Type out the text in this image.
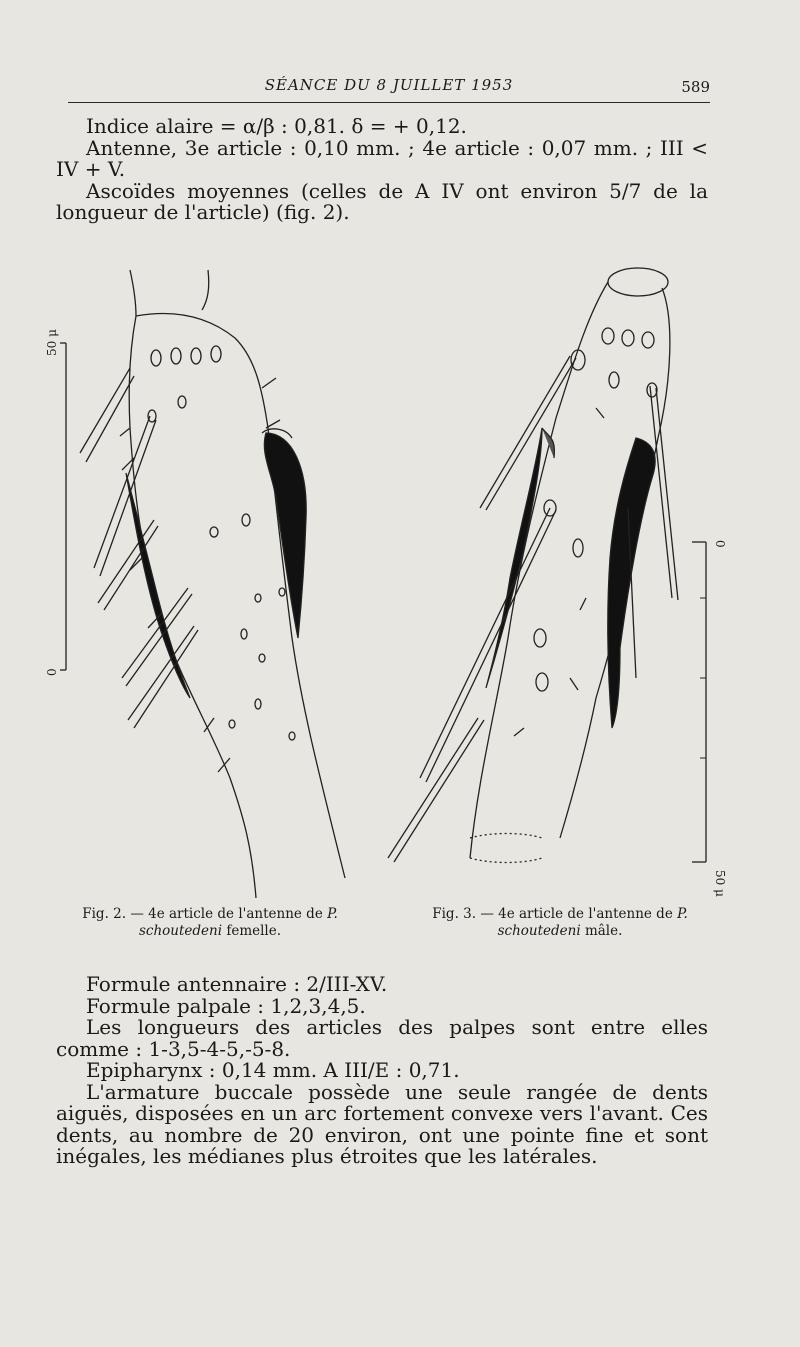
SÉANCE DU 8 JUILLET 1953	589

Indice alaire = α/β : 0,81. δ = + 0,12.

Antenne, 3e article : 0,10 mm. ; 4e article : 0,07 mm. ; III < IV + V.

Ascoïdes moyennes (celles de A IV ont environ 5/7 de la longueur de l'article) (fig. 2).

50 μ
0
0
50 μ
Fig. 2. — 4e article de l'antenne de P. schoutedeni femelle.
Fig. 3. — 4e article de l'antenne de P. schoutedeni mâle.

Formule antennaire : 2/III-XV.

Formule palpale : 1,2,3,4,5.

Les longueurs des articles des palpes sont entre elles comme : 1-3,5-4-5,-5-8.

Epipharynx : 0,14 mm. A III/E : 0,71.

L'armature buccale possède une seule rangée de dents aiguës, disposées en un arc fortement convexe vers l'avant. Ces dents, au nombre de 20 environ, ont une pointe fine et sont inégales, les médianes plus étroites que les latérales.
